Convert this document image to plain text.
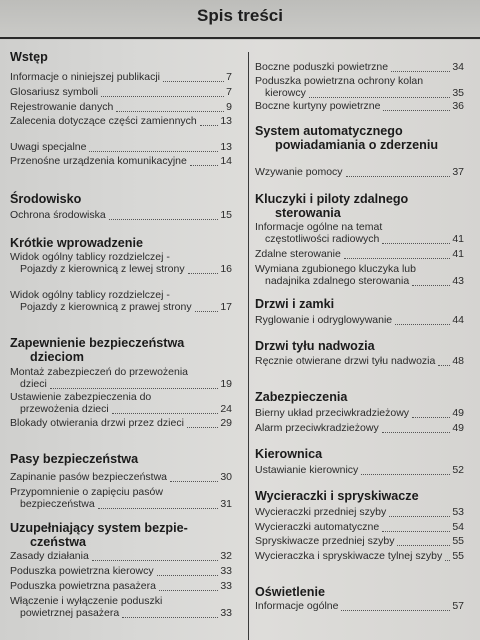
Spis treści
Wstęp
Informacje o niniejszej publikacji	7
Glosariusz symboli	7
Rejestrowanie danych	9
Zalecenia dotyczące części zamiennych 13
Uwagi specjalne	13
Przenośne urządzenia komunikacyjne	14
Środowisko
Ochrona środowiska	15
Krótkie wprowadzenie
Widok ogólny tablicy rozdzielczej -
Pojazdy z kierownicą z lewej strony	16
Widok ogólny tablicy rozdzielczej -
Pojazdy z kierownicą z prawej strony	17
Zapewnienie bezpieczeństwa
dzieciom
Montaż zabezpieczeń do przewożenia
dzieci	19
Ustawienie zabezpieczenia do
przewożenia dzieci	24
Blokady otwierania drzwi przez dzieci	29
Pasy bezpieczeństwa
Zapinanie pasów bezpieczeństwa	30
Przypomnienie o zapięciu pasów
bezpieczeństwa	31
Uzupełniający system bezpie-
czeństwa
Zasady działania	32
Poduszka powietrzna kierowcy	33
Poduszka powietrzna pasażera	33
Włączenie i wyłączenie poduszki
powietrznej pasażera	33
Boczne poduszki powietrzne	34
Poduszka powietrzna ochrony kolan
kierowcy	35
Boczne kurtyny powietrzne	36
System automatycznego
powiadamiania o zderzeniu
Wzywanie pomocy	37
Kluczyki i piloty zdalnego
sterowania
Informacje ogólne na temat
częstotliwości radiowych	41
Zdalne sterowanie	41
Wymiana zgubionego kluczyka lub
nadajnika zdalnego sterowania	43
Drzwi i zamki
Ryglowanie i odryglowywanie	44
Drzwi tyłu nadwozia
Ręcznie otwierane drzwi tyłu nadwozia 48
Zabezpieczenia
Bierny układ przeciwkradzieżowy	49
Alarm przeciwkradzieżowy	49
Kierownica
Ustawianie kierownicy	52
Wycieraczki i spryskiwacze
Wycieraczki przedniej szyby	53
Wycieraczki automatyczne	54
Spryskiwacze przedniej szyby	55
Wycieraczka i spryskiwacze tylnej szyby 55
Oświetlenie
Informacje ogólne	57
